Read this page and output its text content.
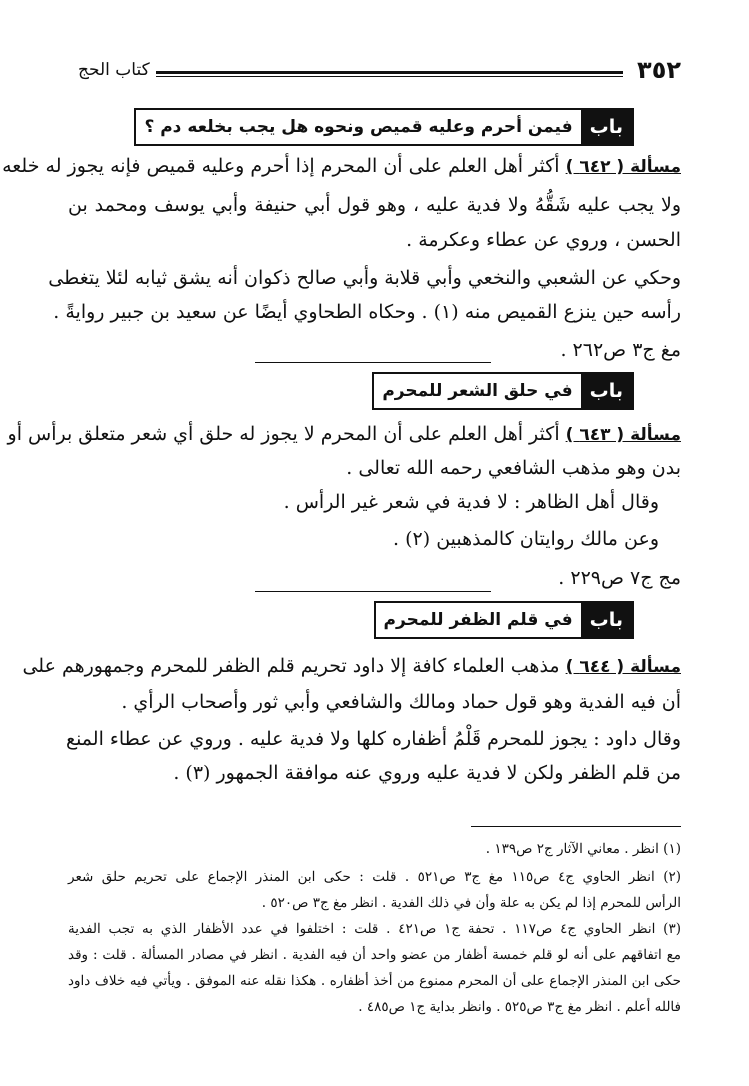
٣٥٢
كتاب الحج
باب
فيمن أحرم وعليه قميص ونحوه هل يجب بخلعه دم ؟
مسألة ( ٦٤٢ ) أكثر أهل العلم على أن المحرم إذا أحرم وعليه قميص فإنه يجوز له خلعه
ولا يجب عليه شَقُّهُ ولا فدية عليه ، وهو قول أبي حنيفة وأبي يوسف ومحمد بن
الحسن ، وروي عن عطاء وعكرمة .
وحكي عن الشعبي والنخعي وأبي قلابة وأبي صالح ذكوان أنه يشق ثيابه لئلا يتغطى
رأسه حين ينزع القميص منه (١) . وحكاه الطحاوي أيضًا عن سعيد بن جبير روايةً .
مغ ج٣ ص٢٦٢ .
باب
في حلق الشعر للمحرم
مسألة ( ٦٤٣ ) أكثر أهل العلم على أن المحرم لا يجوز له حلق أي شعر متعلق برأس أو
بدن وهو مذهب الشافعي رحمه الله تعالى .
وقال أهل الظاهر : لا فدية في شعر غير الرأس .
وعن مالك روايتان كالمذهبين (٢) .
مج ج٧ ص٢٢٩ .
باب
في قلم الظفر للمحرم
مسألة ( ٦٤٤ ) مذهب العلماء كافة إلا داود تحريم قلم الظفر للمحرم وجمهورهم على
أن فيه الفدية وهو قول حماد ومالك والشافعي وأبي ثور وأصحاب الرأي .
وقال داود : يجوز للمحرم قَلْمُ أظفاره كلها ولا فدية عليه . وروي عن عطاء المنع
من قلم الظفر ولكن لا فدية عليه وروي عنه موافقة الجمهور (٣) .
(١) انظر . معاني الآثار ج٢ ص١٣٩ .
(٢) انظر الحاوي ج٤ ص١١٥ مغ ج٣ ص٥٢١ . قلت : حكى ابن المنذر الإجماع على تحريم حلق شعر
الرأس للمحرم إذا لم يكن به علة وأن في ذلك الفدية . انظر مغ ج٣ ص٥٢٠ .
(٣) انظر الحاوي ج٤ ص١١٧ . تحفة ج١ ص٤٢١ . قلت : اختلفوا في عدد الأظفار الذي به تجب الفدية
مع اتفاقهم على أنه لو قلم خمسة أظفار من عضو واحد أن فيه الفدية . انظر في مصادر المسألة . قلت : وقد
حكى ابن المنذر الإجماع على أن المحرم ممنوع من أخذ أظفاره . هكذا نقله عنه الموفق . ويأتي فيه خلاف داود
فالله أعلم . انظر مغ ج٣ ص٥٢٥ . وانظر بداية ج١ ص٤٨٥ .
